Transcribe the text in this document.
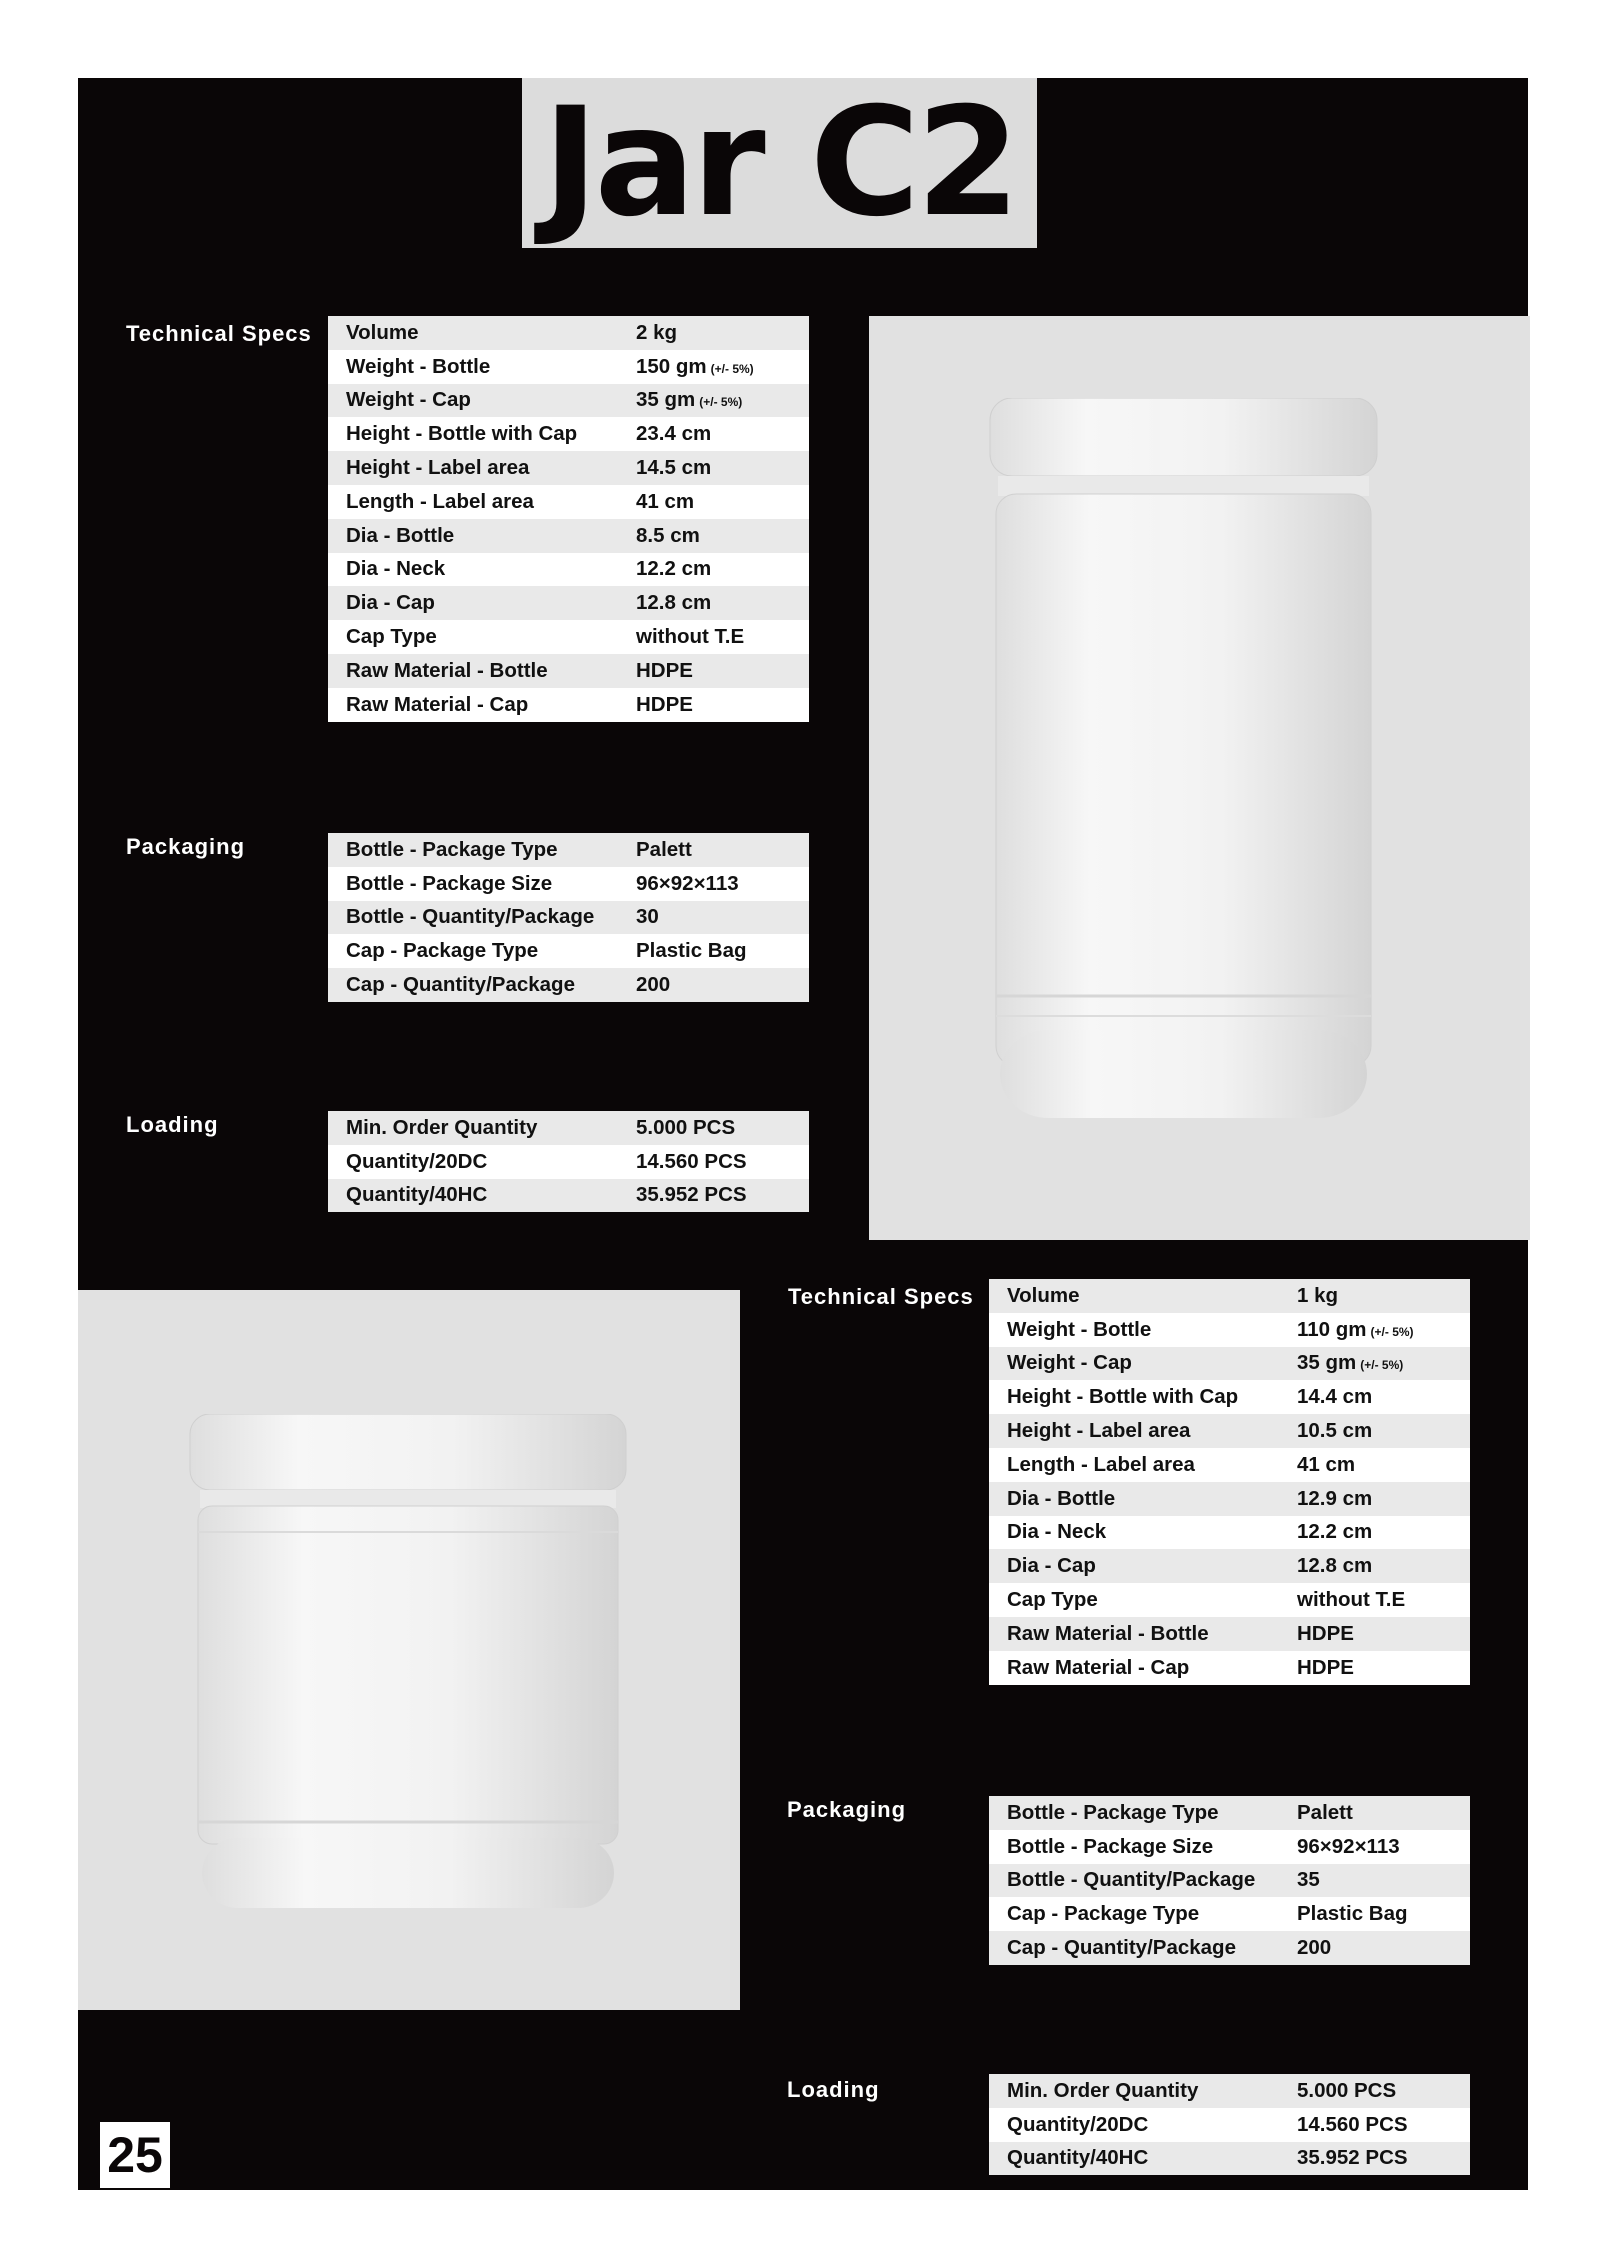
Jar C2
Technical Specs Volume	2 kg
Weight - Bottle	150 gm (+/- 5%)
Weight - Cap	35 gm (+/- 5%)
Height - Bottle with Cap	23.4 cm
Height - Label area	14.5 cm
Length - Label area	41 cm
Dia - Bottle	8.5 cm
Dia - Neck	12.2 cm
Dia - Cap	12.8 cm
Cap Type	without T.E
Raw Material - Bottle	HDPE
Raw Material - Cap	HDPE
Packaging	Bottle - Package Type	Palett
Bottle - Package Size	96×92×113
Bottle - Quantity/Package	30
Cap - Package Type	Plastic Bag
Cap - Quantity/Package	200
Loading	Min. Order Quantity	5.000 PCS
Quantity/20DC	14.560 PCS
Quantity/40HC	35.952 PCS
Technical Specs Volume	1 kg
Weight - Bottle	110 gm (+/- 5%)
Weight - Cap	35 gm (+/- 5%)
Height - Bottle with Cap	14.4 cm
Height - Label area	10.5 cm
Length - Label area	41 cm
Dia - Bottle	12.9 cm
Dia - Neck	12.2 cm
Dia - Cap	12.8 cm
Cap Type	without T.E
Raw Material - Bottle	HDPE
Raw Material - Cap	HDPE
Packaging	Bottle - Package Type	Palett
Bottle - Package Size	96×92×113
Bottle - Quantity/Package	35
Cap - Package Type	Plastic Bag
Cap - Quantity/Package	200
Loading	Min. Order Quantity	5.000 PCS
Quantity/20DC	14.560 PCS
Quantity/40HC	35.952 PCS
25
